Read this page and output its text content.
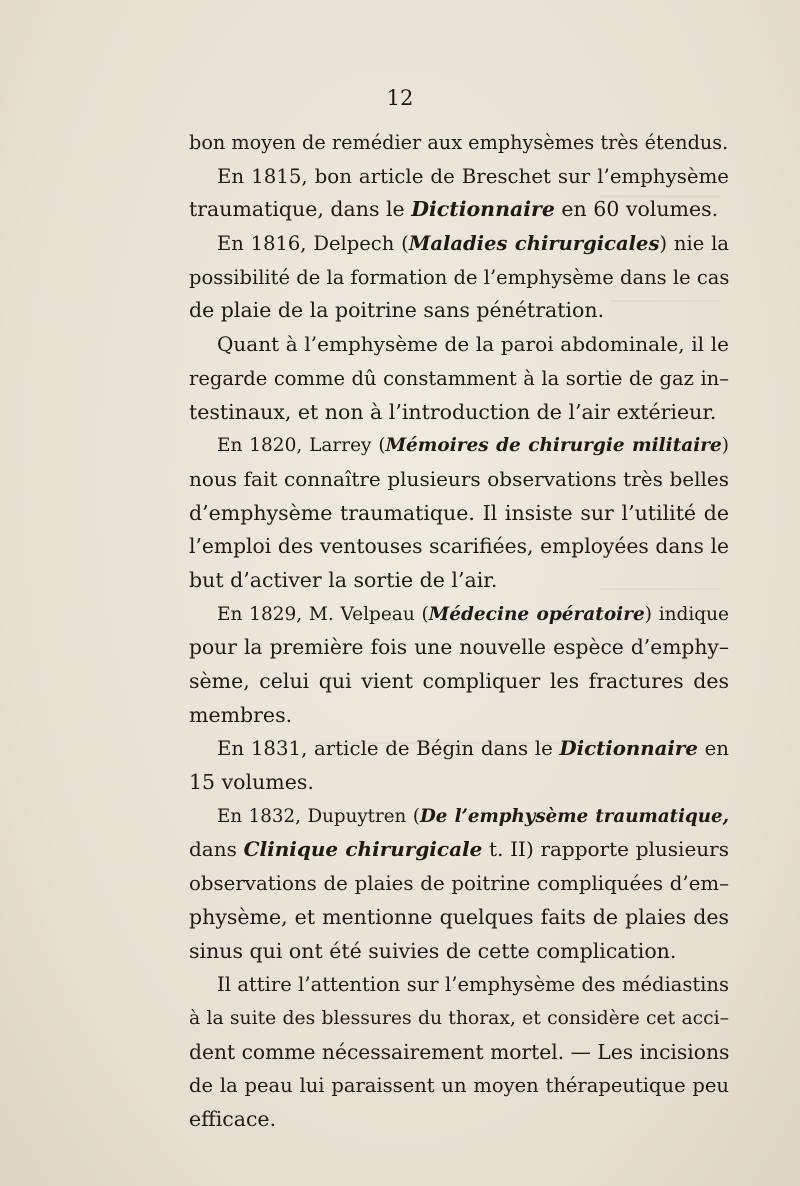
12
bon moyen de remédier aux emphysèmes très étendus.
En 1815, bon article de Breschet sur l’emphysème
traumatique, dans le Dictionnaire en 60 volumes.
En 1816, Delpech (Maladies chirurgicales) nie la
possibilité de la formation de l’emphysème dans le cas
de plaie de la poitrine sans pénétration.
Quant à l’emphysème de la paroi abdominale, il le
regarde comme dû constamment à la sortie de gaz in–
testinaux, et non à l’introduction de l’air extérieur.
En 1820, Larrey (Mémoires de chirurgie militaire)
nous fait connaître plusieurs observations très belles
d’emphysème traumatique. Il insiste sur l’utilité de
l’emploi des ventouses scarifiées, employées dans le
but d’activer la sortie de l’air.
En 1829, M. Velpeau (Médecine opératoire) indique
pour la première fois une nouvelle espèce d’emphy–
sème, celui qui vient compliquer les fractures des
membres.
En 1831, article de Bégin dans le Dictionnaire en
15 volumes.
En 1832, Dupuytren (De l’emphysème traumatique,
dans Clinique chirurgicale t. II) rapporte plusieurs
observations de plaies de poitrine compliquées d’em–
physème, et mentionne quelques faits de plaies des
sinus qui ont été suivies de cette complication.
Il attire l’attention sur l’emphysème des médiastins
à la suite des blessures du thorax, et considère cet acci–
dent comme nécessairement mortel. — Les incisions
de la peau lui paraissent un moyen thérapeutique peu
efficace.
